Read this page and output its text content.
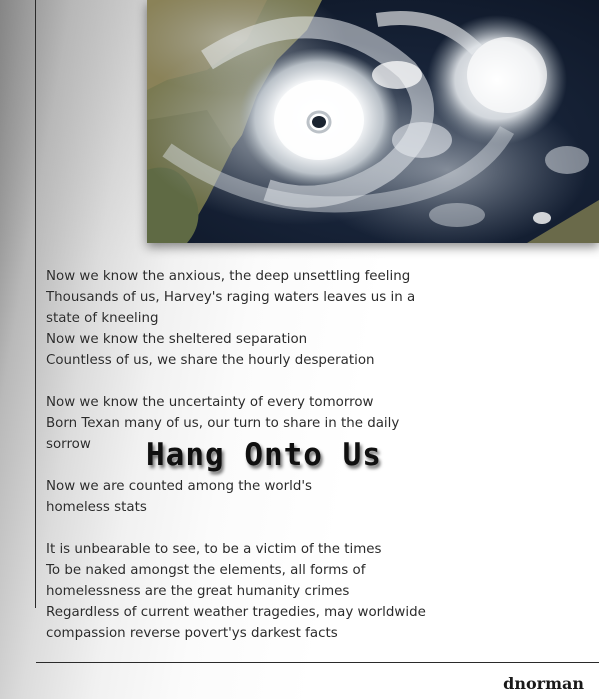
Now we know the anxious, the deep unsettling feeling
Thousands of us, Harvey's raging waters leaves us in a
state of kneeling
Now we know the sheltered separation
Countless of us, we share the hourly desperation
Now we know the uncertainty of every tomorrow
Born Texan many of us, our turn to share in the daily
sorrow
Now we are counted among the world's
homeless stats
It is unbearable to see, to be a victim of the times
To be naked amongst the elements, all forms of
homelessness are the great humanity crimes
Regardless of current weather tragedies, may worldwide
compassion reverse povert'ys darkest facts
Hang Onto Us
dnorman
